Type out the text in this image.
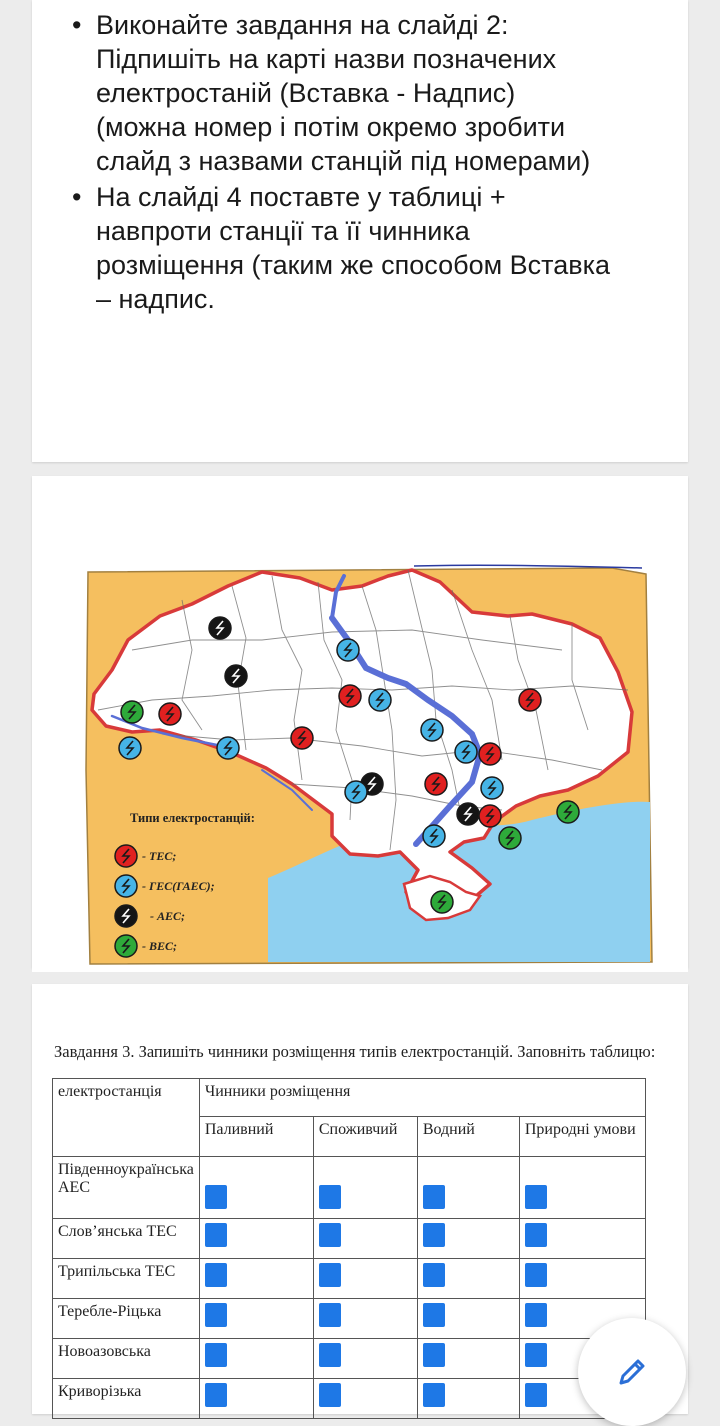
• Виконайте завдання на слайді 2:
Підпишіть на карті назви позначених
електростаній (Вставка - Надпис)
(можна номер і потім окремо зробити
слайд з назвами станцій під номерами)
• На слайді 4 поставте у таблиці +
навпроти станції та її чинника
розміщення (таким же способом Вставка
– надпис.
Типи електростанцій:
- ТЕС;
- ГЕС(ГАЕС);
- АЕС;
- ВЕС;
Завдання 3. Запишіть чинники розміщення типів електростанцій. Заповніть таблицю:
електростанція	Чинники розміщення			
	Паливний	Споживчий	Водний	Природні умови

Південноукраїнська
АЕС				

Слов’янська ТЕС				
Трипільська ТЕС				
Теребле-Ріцька				
Новоазовська				
Криворізька				
